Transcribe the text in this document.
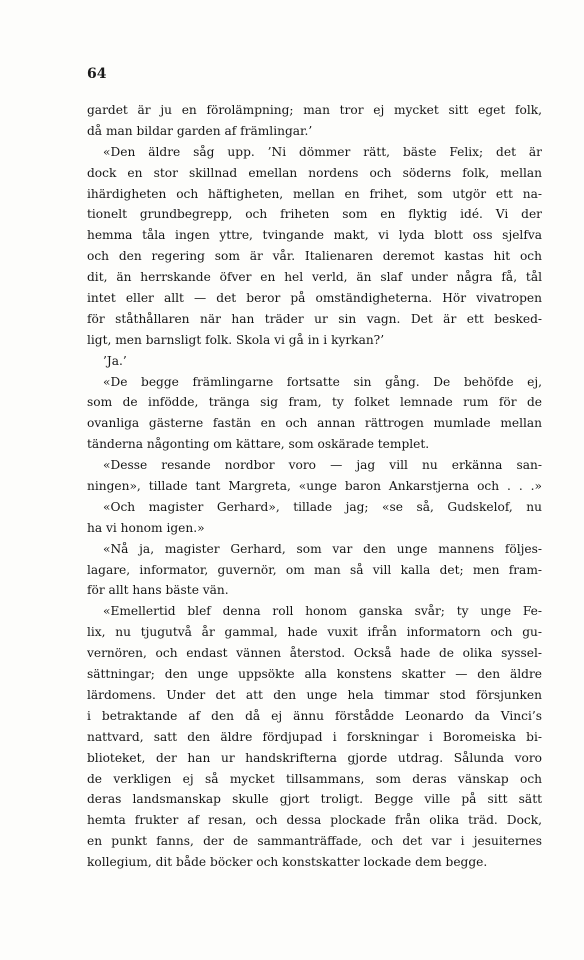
64
gardet är ju en förolämpning; man tror ej mycket sitt eget folk,
då man bildar garden af främlingar.’
«Den äldre såg upp. ’Ni dömmer rätt, bäste Felix; det är
dock en stor skillnad emellan nordens och söderns folk, mellan
ihärdigheten och häftigheten, mellan en frihet, som utgör ett na-
tionelt grundbegrepp, och friheten som en flyktig idé. Vi der
hemma tåla ingen yttre, tvingande makt, vi lyda blott oss sjelfva
och den regering som är vår. Italienaren deremot kastas hit och
dit, än herrskande öfver en hel verld, än slaf under några få, tål
intet eller allt — det beror på omständigheterna. Hör vivatropen
för ståthållaren när han träder ur sin vagn. Det är ett besked-
ligt, men barnsligt folk. Skola vi gå in i kyrkan?’
’Ja.’
«De begge främlingarne fortsatte sin gång. De behöfde ej,
som de infödde, tränga sig fram, ty folket lemnade rum för de
ovanliga gästerne fastän en och annan rättrogen mumlade mellan
tänderna någonting om kättare, som oskärade templet.
«Desse resande nordbor voro — jag vill nu erkänna san-
ningen», tillade tant Margreta, «unge baron Ankarstjerna och . . .»
«Och magister Gerhard», tillade jag; «se så, Gudskelof, nu
ha vi honom igen.»
«Nå ja, magister Gerhard, som var den unge mannens följes-
lagare, informator, guvernör, om man så vill kalla det; men fram-
för allt hans bäste vän.
«Emellertid blef denna roll honom ganska svår; ty unge Fe-
lix, nu tjugutvå år gammal, hade vuxit ifrån informatorn och gu-
vernören, och endast vännen återstod. Också hade de olika syssel-
sättningar; den unge uppsökte alla konstens skatter — den äldre
lärdomens. Under det att den unge hela timmar stod försjunken
i betraktande af den då ej ännu förstådde Leonardo da Vinci’s
nattvard, satt den äldre fördjupad i forskningar i Boromeiska bi-
blioteket, der han ur handskrifterna gjorde utdrag. Sålunda voro
de verkligen ej så mycket tillsammans, som deras vänskap och
deras landsmanskap skulle gjort troligt. Begge ville på sitt sätt
hemta frukter af resan, och dessa plockade från olika träd. Dock,
en punkt fanns, der de sammanträffade, och det var i jesuiternes
kollegium, dit både böcker och konstskatter lockade dem begge.
